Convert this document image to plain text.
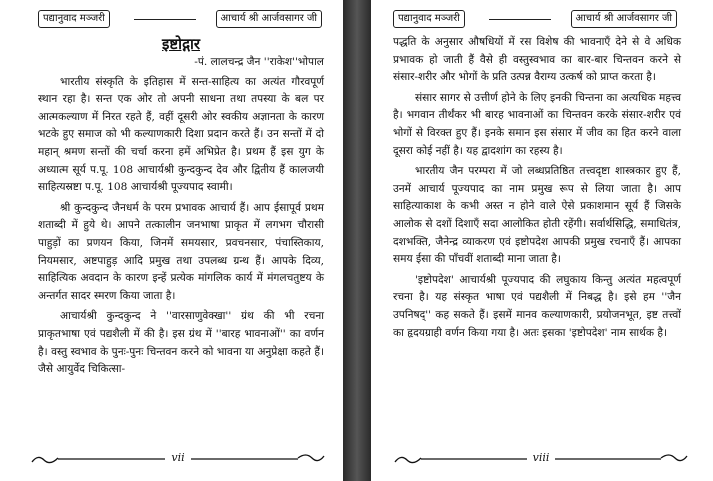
पद्यानुवाद मञ्जरी	आचार्य श्री आर्जवसागर जी
इष्टोद्गार
-पं. लालचन्द्र जैन ''राकेश''भोपाल

भारतीय संस्कृति के इतिहास में सन्त-साहित्य का अत्यंत गौरवपूर्ण स्थान रहा है। सन्त एक ओर तो अपनी साधना तथा तपस्या के बल पर आत्मकल्याण में निरत रहते हैं, वहीं दूसरी ओर स्वकीय अज्ञानता के कारण भटके हुए समाज को भी कल्याणकारी दिशा प्रदान करते हैं। उन सन्तों में दो महान् श्रमण सन्तों की चर्चा करना हमें अभिप्रेत है। प्रथम हैं इस युग के अध्यात्म सूर्य प.पू. 108 आचार्यश्री कुन्दकुन्द देव और द्वितीय हैं कालजयी साहित्यस्रष्टा प.पू. 108 आचार्यश्री पूज्यपाद स्वामी।

श्री कुन्दकुन्द जैनधर्म के परम प्रभावक आचार्य हैं। आप ईसापूर्व प्रथम शताब्दी में हुये थे। आपने तत्कालीन जनभाषा प्राकृत में लगभग चौरासी पाहुड़ों का प्रणयन किया, जिनमें समयसार, प्रवचनसार, पंचास्तिकाय, नियमसार, अष्टपाहुड़ आदि प्रमुख तथा उपलब्ध ग्रन्थ हैं। आपके दिव्य, साहित्यिक अवदान के कारण इन्हें प्रत्येक मांगलिक कार्य में मंगलचतुष्टय के अन्तर्गत सादर स्मरण किया जाता है।

आचार्यश्री कुन्दकुन्द ने ''वारसाणुवेक्खा'' ग्रंथ की भी रचना प्राकृतभाषा एवं पद्यशैली में की है। इस ग्रंथ में ''बारह भावनाओं'' का वर्णन है। वस्तु स्वभाव के पुनः-पुनः चिन्तवन करने को भावना या अनुप्रेक्षा कहते हैं। जैसे आयुर्वेद चिकित्सा-

vii
पद्यानुवाद मञ्जरी	आचार्य श्री आर्जवसागर जी

पद्धति के अनुसार औषधियों में रस विशेष की भावनाएँ देने से वे अधिक प्रभावक हो जाती हैं वैसे ही वस्तुस्वभाव का बार-बार चिन्तवन करने से संसार-शरीर और भोगों के प्रति उत्पन्न वैराग्य उत्कर्ष को प्राप्त करता है।

संसार सागर से उत्तीर्ण होने के लिए इनकी चिन्तना का अत्यधिक महत्त्व है। भगवान तीर्थंकर भी बारह भावनाओं का चिन्तवन करके संसार-शरीर एवं भोगों से विरक्त हुए हैं। इनके समान इस संसार में जीव का हित करने वाला दूसरा कोई नहीं है। यह द्वादशांग का रहस्य है।

भारतीय जैन परम्परा में जो लब्धप्रतिष्ठित तत्त्वदृष्टा शास्त्रकार हुए हैं, उनमें आचार्य पूज्यपाद का नाम प्रमुख रूप से लिया जाता है। आप साहित्याकाश के कभी अस्त न होने वाले ऐसे प्रकाशमान सूर्य हैं जिसके आलोक से दशों दिशाएँ सदा आलोकित होती रहेंगी। सर्वार्थसिद्धि, समाधितंत्र, दशभक्ति, जैनेन्द्र व्याकरण एवं इष्टोपदेश आपकी प्रमुख रचनाएँ हैं। आपका समय ईसा की पाँचवीं शताब्दी माना जाता है।

'इष्टोपदेश' आचार्यश्री पूज्यपाद की लघुकाय किन्तु अत्यंत महत्वपूर्ण रचना है। यह संस्कृत भाषा एवं पद्यशैली में निबद्ध है। इसे हम ''जैन उपनिषद्'' कह सकते हैं। इसमें मानव कल्याणकारी, प्रयोजनभूत, इष्ट तत्त्वों का हृदयग्राही वर्णन किया गया है। अतः इसका 'इष्टोपदेश' नाम सार्थक है।

viii
